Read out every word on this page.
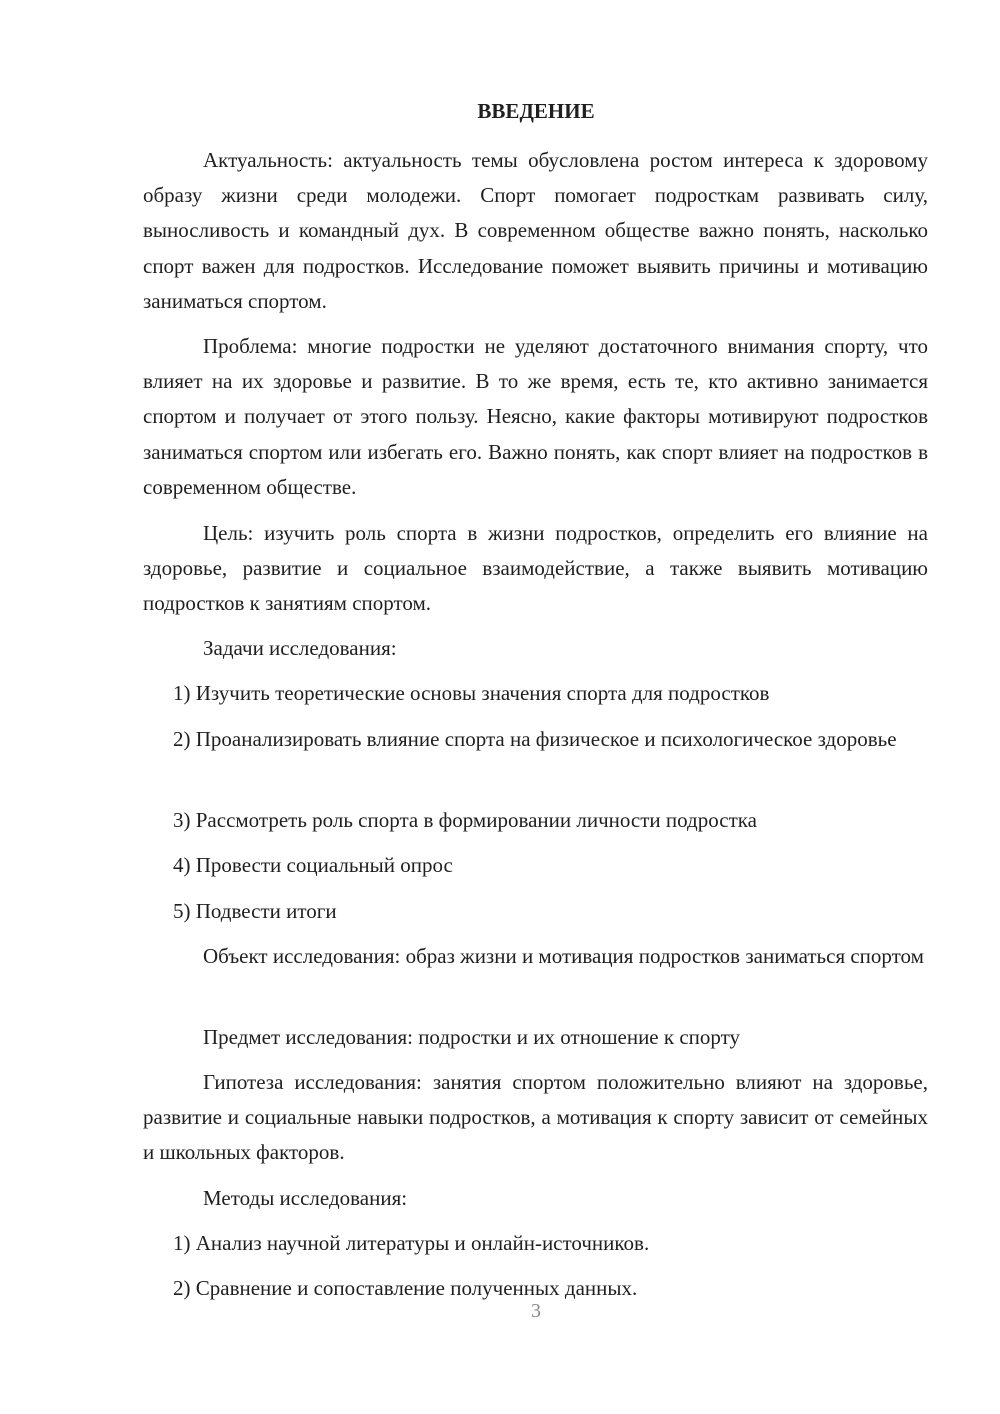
ВВЕДЕНИЕ

Актуальность: актуальность темы обусловлена ростом интереса к здоровому образу жизни среди молодежи. Спорт помогает подросткам развивать силу, выносливость и командный дух. В современном обществе важно понять, насколько спорт важен для подростков. Исследование поможет выявить причины и мотивацию заниматься спортом.

Проблема: многие подростки не уделяют достаточного внимания спорту, что влияет на их здоровье и развитие. В то же время, есть те, кто активно занимается спортом и получает от этого пользу. Неясно, какие факторы мотивируют подростков заниматься спортом или избегать его. Важно понять, как спорт влияет на подростков в современном обществе.

Цель: изучить роль спорта в жизни подростков, определить его влияние на здоровье, развитие и социальное взаимодействие, а также выявить мотивацию подростков к занятиям спортом.

Задачи исследования:

1) Изучить теоретические основы значения спорта для подростков

2) Проанализировать влияние спорта на физическое и психологическое здоровье

3) Рассмотреть роль спорта в формировании личности подростка

4) Провести социальный опрос

5) Подвести итоги

Объект исследования: образ жизни и мотивация подростков заниматься спортом

Предмет исследования: подростки и их отношение к спорту

Гипотеза исследования: занятия спортом положительно влияют на здоровье, развитие и социальные навыки подростков, а мотивация к спорту зависит от семейных и школьных факторов.

Методы исследования:

1) Анализ научной литературы и онлайн-источников.

2) Сравнение и сопоставление полученных данных.

3
